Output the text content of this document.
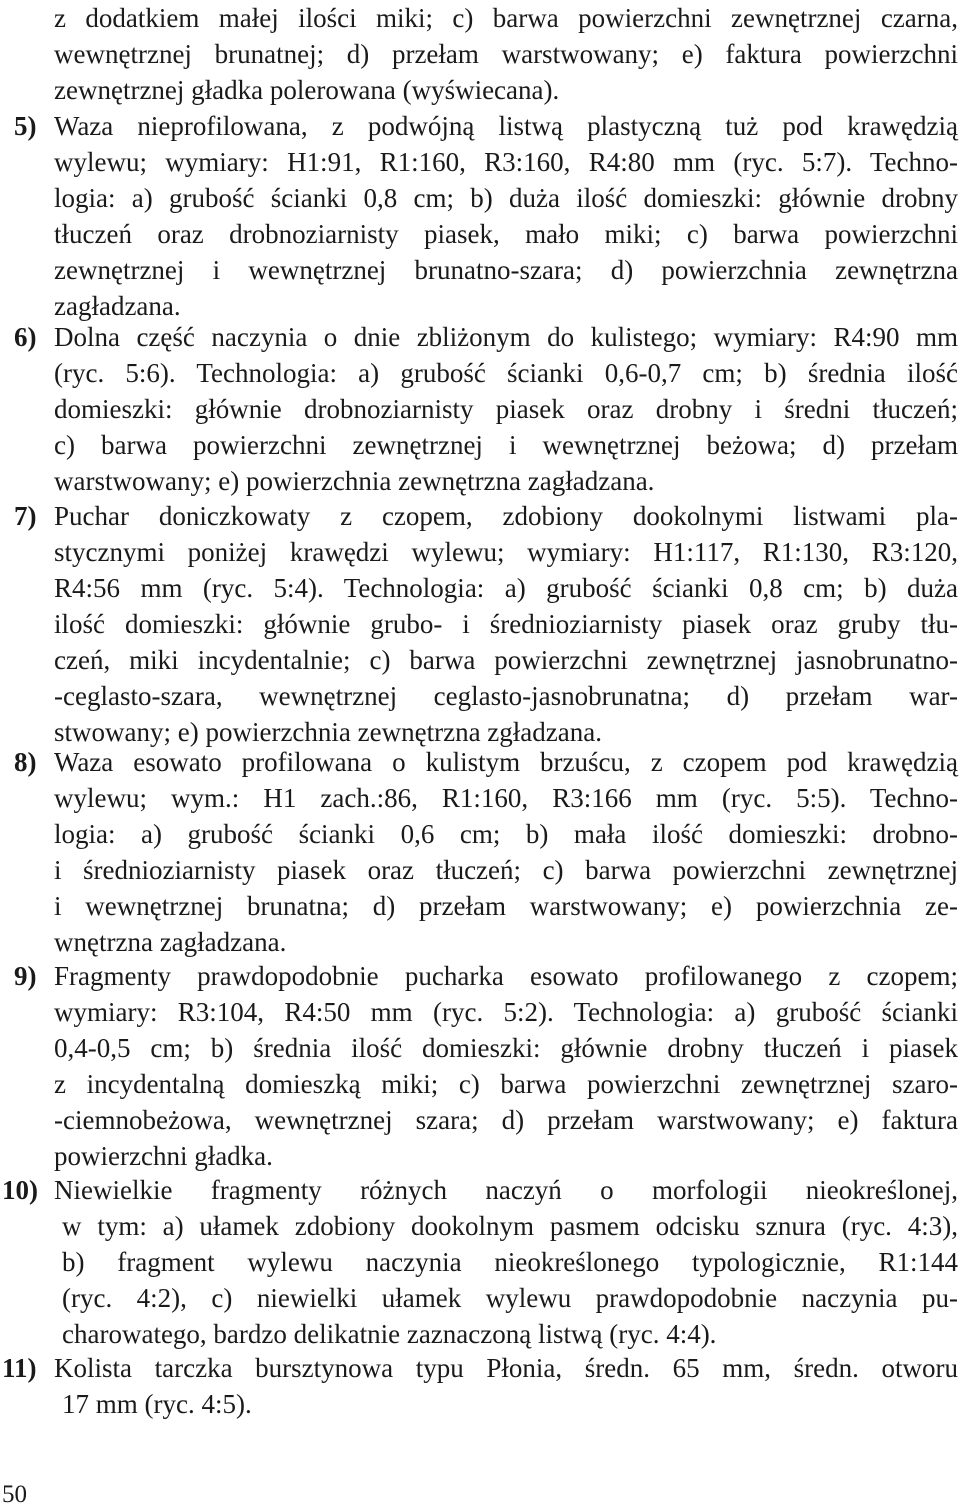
z dodatkiem małej ilości miki; c) barwa powierzchni zewnętrznej czarna,
wewnętrznej brunatnej; d) przełam warstwowany; e) faktura powierzchni
zewnętrznej gładka polerowana (wyświecana).
5) Waza nieprofilowana, z podwójną listwą plastyczną tuż pod krawędzią
wylewu; wymiary: H1:91, R1:160, R3:160, R4:80 mm (ryc. 5:7). Techno-
logia: a) grubość ścianki 0,8 cm; b) duża ilość domieszki: głównie drobny
tłuczeń oraz drobnoziarnisty piasek, mało miki; c) barwa powierzchni
zewnętrznej i wewnętrznej brunatno-szara; d) powierzchnia zewnętrzna
zagładzana.
6) Dolna część naczynia o dnie zbliżonym do kulistego; wymiary: R4:90 mm
(ryc. 5:6). Technologia: a) grubość ścianki 0,6-0,7 cm; b) średnia ilość
domieszki: głównie drobnoziarnisty piasek oraz drobny i średni tłuczeń;
c) barwa powierzchni zewnętrznej i wewnętrznej beżowa; d) przełam
warstwowany; e) powierzchnia zewnętrzna zagładzana.
7) Puchar doniczkowaty z czopem, zdobiony dookolnymi listwami pla-
stycznymi poniżej krawędzi wylewu; wymiary: H1:117, R1:130, R3:120,
R4:56 mm (ryc. 5:4). Technologia: a) grubość ścianki 0,8 cm; b) duża
ilość domieszki: głównie grubo- i średnioziarnisty piasek oraz gruby tłu-
czeń, miki incydentalnie; c) barwa powierzchni zewnętrznej jasnobrunatno-
-ceglasto-szara, wewnętrznej ceglasto-jasnobrunatna; d) przełam war-
stwowany; e) powierzchnia zewnętrzna zgładzana.
8) Waza esowato profilowana o kulistym brzuścu, z czopem pod krawędzią
wylewu; wym.: H1 zach.:86, R1:160, R3:166 mm (ryc. 5:5). Techno-
logia: a) grubość ścianki 0,6 cm; b) mała ilość domieszki: drobno-
i średnioziarnisty piasek oraz tłuczeń; c) barwa powierzchni zewnętrznej
i wewnętrznej brunatna; d) przełam warstwowany; e) powierzchnia ze-
wnętrzna zagładzana.
9) Fragmenty prawdopodobnie pucharka esowato profilowanego z czopem;
wymiary: R3:104, R4:50 mm (ryc. 5:2). Technologia: a) grubość ścianki
0,4-0,5 cm; b) średnia ilość domieszki: głównie drobny tłuczeń i piasek
z incydentalną domieszką miki; c) barwa powierzchni zewnętrznej szaro-
-ciemnobeżowa, wewnętrznej szara; d) przełam warstwowany; e) faktura
powierzchni gładka.
10) Niewielkie fragmenty różnych naczyń o morfologii nieokreślonej,
w tym: a) ułamek zdobiony dookolnym pasmem odcisku sznura (ryc. 4:3),
b) fragment wylewu naczynia nieokreślonego typologicznie, R1:144
(ryc. 4:2), c) niewielki ułamek wylewu prawdopodobnie naczynia pu-
charowatego, bardzo delikatnie zaznaczoną listwą (ryc. 4:4).
11) Kolista tarczka bursztynowa typu Płonia, średn. 65 mm, średn. otworu
17 mm (ryc. 4:5).
50
